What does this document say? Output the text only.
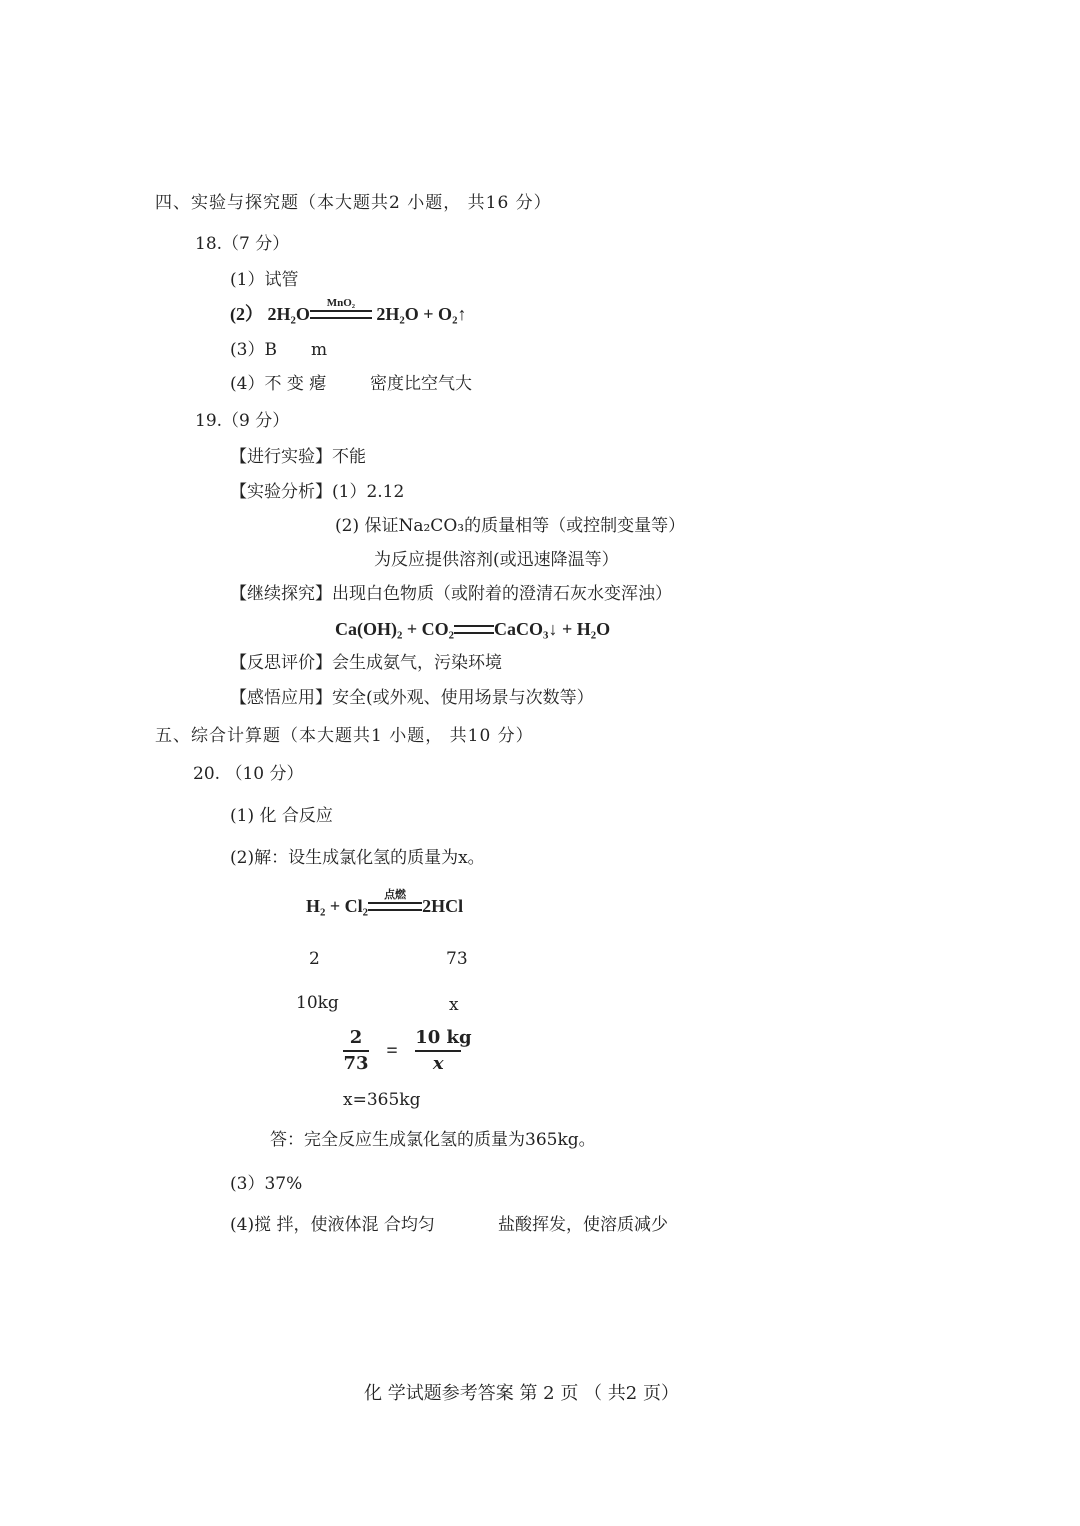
四、实验与探究题（本大题共2 小题， 共16 分）
18.（7 分）
(1）试管
(2） 2H₂O
MnO₂
2H₂O + O₂↑
(3）B m
(4）不 变 瘪	密度比空气大
19.（9 分）
【进行实验】不能
【实验分析】(1）2.12
(2) 保证Na₂CO₃的质量相等（或控制变量等）
为反应提供溶剂(或迅速降温等）
【继续探究】出现白色物质（或附着的澄清石灰水变浑浊）
Ca(OH)₂ + CO₂
CaCO₃↓ + H₂O
【反思评价】会生成氨气，污染环境
【感悟应用】安全(或外观、使用场景与次数等）
五、综合计算题（本大题共1 小题， 共10 分）
20. （10 分）
(1) 化 合反应
(2)解：设生成氯化氢的质量为x。
H₂ + Cl₂
点燃
2HCl
2	73
10kg	x
$\frac{2}{73} = \frac{10 kg}{x}$
x=365kg
答：完全反应生成氯化氢的质量为365kg。
(3）37%
(4)搅 拌，使液体混 合均匀	盐酸挥发，使溶质减少
化 学试题参考答案 第 2 页 （ 共2 页）
